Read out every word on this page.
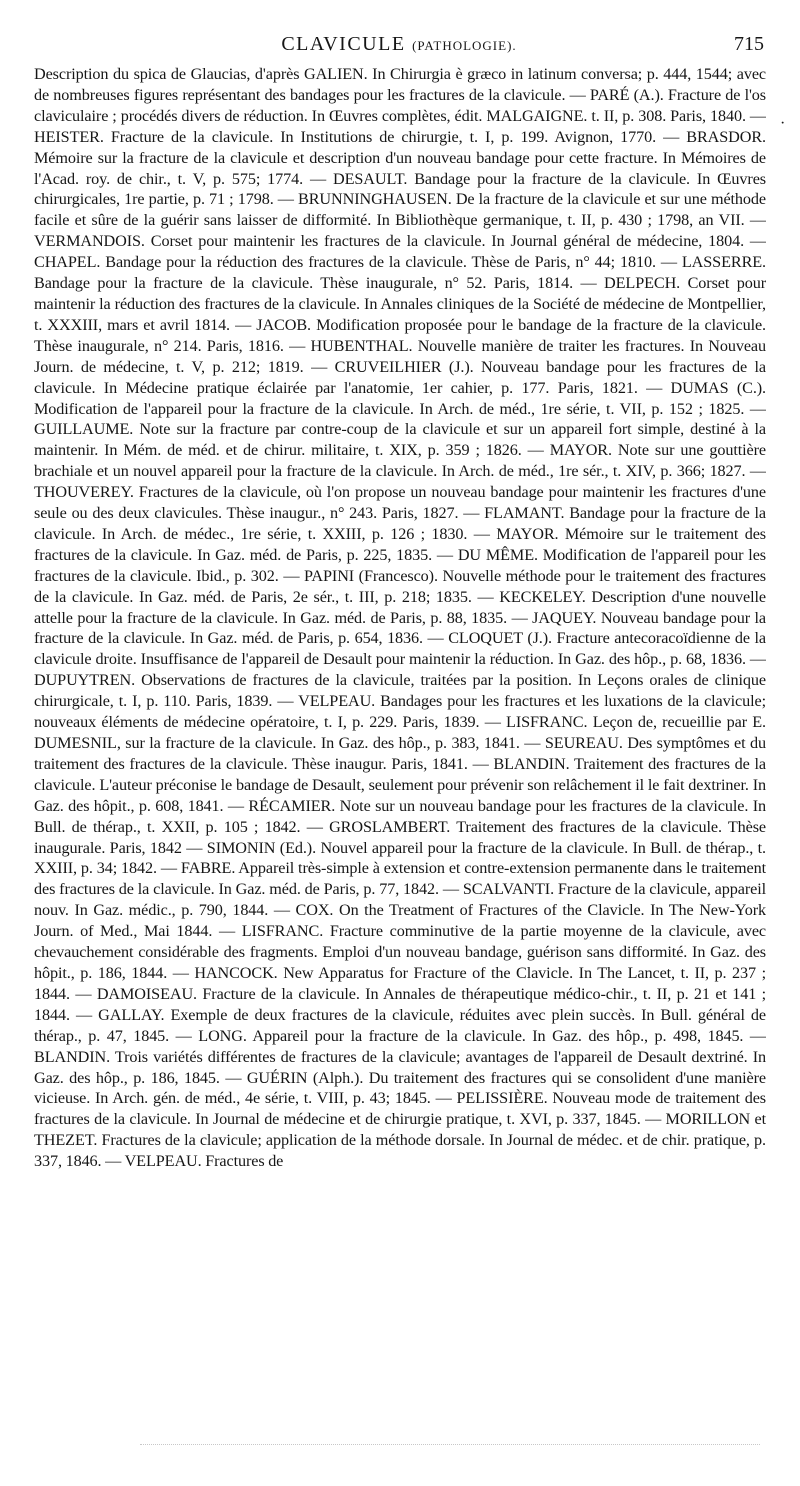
CLAVICULE (PATHOLOGIE).	715

Description du spica de Glaucias, d'après GALIEN. In Chirurgia è græco in latinum conversa; p. 444, 1544; avec de nombreuses figures représentant des bandages pour les fractures de la clavicule. — PARÉ (A.). Fracture de l'os claviculaire ; procédés divers de réduction. In Œuvres complètes, édit. MALGAIGNE. t. II, p. 308. Paris, 1840. — HEISTER. Fracture de la clavicule. In Institutions de chirurgie, t. I, p. 199. Avignon, 1770. — BRASDOR. Mémoire sur la fracture de la clavicule et description d'un nouveau bandage pour cette fracture. In Mémoires de l'Acad. roy. de chir., t. V, p. 575; 1774. — DESAULT. Bandage pour la fracture de la clavicule. In Œuvres chirurgicales, 1re partie, p. 71 ; 1798. — BRUNNINGHAUSEN. De la fracture de la clavicule et sur une méthode facile et sûre de la guérir sans laisser de difformité. In Bibliothèque germanique, t. II, p. 430 ; 1798, an VII. — VERMANDOIS. Corset pour maintenir les fractures de la clavicule. In Journal général de médecine, 1804. — CHAPEL. Bandage pour la réduction des fractures de la clavicule. Thèse de Paris, n° 44; 1810. — LASSERRE. Bandage pour la fracture de la clavicule. Thèse inaugurale, n° 52. Paris, 1814. — DELPECH. Corset pour maintenir la réduction des fractures de la clavicule. In Annales cliniques de la Société de médecine de Montpellier, t. XXXIII, mars et avril 1814. — JACOB. Modification proposée pour le bandage de la fracture de la clavicule. Thèse inaugurale, n° 214. Paris, 1816. — HUBENTHAL. Nouvelle manière de traiter les fractures. In Nouveau Journ. de médecine, t. V, p. 212; 1819. — CRUVEILHIER (J.). Nouveau bandage pour les fractures de la clavicule. In Médecine pratique éclairée par l'anatomie, 1er cahier, p. 177. Paris, 1821. — DUMAS (C.). Modification de l'appareil pour la fracture de la clavicule. In Arch. de méd., 1re série, t. VII, p. 152 ; 1825. — GUILLAUME. Note sur la fracture par contre-coup de la clavicule et sur un appareil fort simple, destiné à la maintenir. In Mém. de méd. et de chirur. militaire, t. XIX, p. 359 ; 1826. — MAYOR. Note sur une gouttière brachiale et un nouvel appareil pour la fracture de la clavicule. In Arch. de méd., 1re sér., t. XIV, p. 366; 1827. — THOUVEREY. Fractures de la clavicule, où l'on propose un nouveau bandage pour maintenir les fractures d'une seule ou des deux clavicules. Thèse inaugur., n° 243. Paris, 1827. — FLAMANT. Bandage pour la fracture de la clavicule. In Arch. de médec., 1re série, t. XXIII, p. 126 ; 1830. — MAYOR. Mémoire sur le traitement des fractures de la clavicule. In Gaz. méd. de Paris, p. 225, 1835. — DU MÊME. Modification de l'appareil pour les fractures de la clavicule. Ibid., p. 302. — PAPINI (Francesco). Nouvelle méthode pour le traitement des fractures de la clavicule. In Gaz. méd. de Paris, 2e sér., t. III, p. 218; 1835. — KECKELEY. Description d'une nouvelle attelle pour la fracture de la clavicule. In Gaz. méd. de Paris, p. 88, 1835. — JAQUEY. Nouveau bandage pour la fracture de la clavicule. In Gaz. méd. de Paris, p. 654, 1836. — CLOQUET (J.). Fracture antecoracoïdienne de la clavicule droite. Insuffisance de l'appareil de Desault pour maintenir la réduction. In Gaz. des hôp., p. 68, 1836. — DUPUYTREN. Observations de fractures de la clavicule, traitées par la position. In Leçons orales de clinique chirurgicale, t. I, p. 110. Paris, 1839. — VELPEAU. Bandages pour les fractures et les luxations de la clavicule; nouveaux éléments de médecine opératoire, t. I, p. 229. Paris, 1839. — LISFRANC. Leçon de, recueillie par E. DUMESNIL, sur la fracture de la clavicule. In Gaz. des hôp., p. 383, 1841. — SEUREAU. Des symptômes et du traitement des fractures de la clavicule. Thèse inaugur. Paris, 1841. — BLANDIN. Traitement des fractures de la clavicule. L'auteur préconise le bandage de Desault, seulement pour prévenir son relâchement il le fait dextriner. In Gaz. des hôpit., p. 608, 1841. — RÉCAMIER. Note sur un nouveau bandage pour les fractures de la clavicule. In Bull. de thérap., t. XXII, p. 105 ; 1842. — GROSLAMBERT. Traitement des fractures de la clavicule. Thèse inaugurale. Paris, 1842 — SIMONIN (Ed.). Nouvel appareil pour la fracture de la clavicule. In Bull. de thérap., t. XXIII, p. 34; 1842. — FABRE. Appareil très-simple à extension et contre-extension permanente dans le traitement des fractures de la clavicule. In Gaz. méd. de Paris, p. 77, 1842. — SCALVANTI. Fracture de la clavicule, appareil nouv. In Gaz. médic., p. 790, 1844. — COX. On the Treatment of Fractures of the Clavicle. In The New-York Journ. of Med., Mai 1844. — LISFRANC. Fracture comminutive de la partie moyenne de la clavicule, avec chevauchement considérable des fragments. Emploi d'un nouveau bandage, guérison sans difformité. In Gaz. des hôpit., p. 186, 1844. — HANCOCK. New Apparatus for Fracture of the Clavicle. In The Lancet, t. II, p. 237 ; 1844. — DAMOISEAU. Fracture de la clavicule. In Annales de thérapeutique médico-chir., t. II, p. 21 et 141 ; 1844. — GALLAY. Exemple de deux fractures de la clavicule, réduites avec plein succès. In Bull. général de thérap., p. 47, 1845. — LONG. Appareil pour la fracture de la clavicule. In Gaz. des hôp., p. 498, 1845. — BLANDIN. Trois variétés différentes de fractures de la clavicule; avantages de l'appareil de Desault dextriné. In Gaz. des hôp., p. 186, 1845. — GUÉRIN (Alph.). Du traitement des fractures qui se consolident d'une manière vicieuse. In Arch. gén. de méd., 4e série, t. VIII, p. 43; 1845. — PELISSIÈRE. Nouveau mode de traitement des fractures de la clavicule. In Journal de médecine et de chirurgie pratique, t. XVI, p. 337, 1845. — MORILLON et THEZET. Fractures de la clavicule; application de la méthode dorsale. In Journal de médec. et de chir. pratique, p. 337, 1846. — VELPEAU. Fractures de

·
